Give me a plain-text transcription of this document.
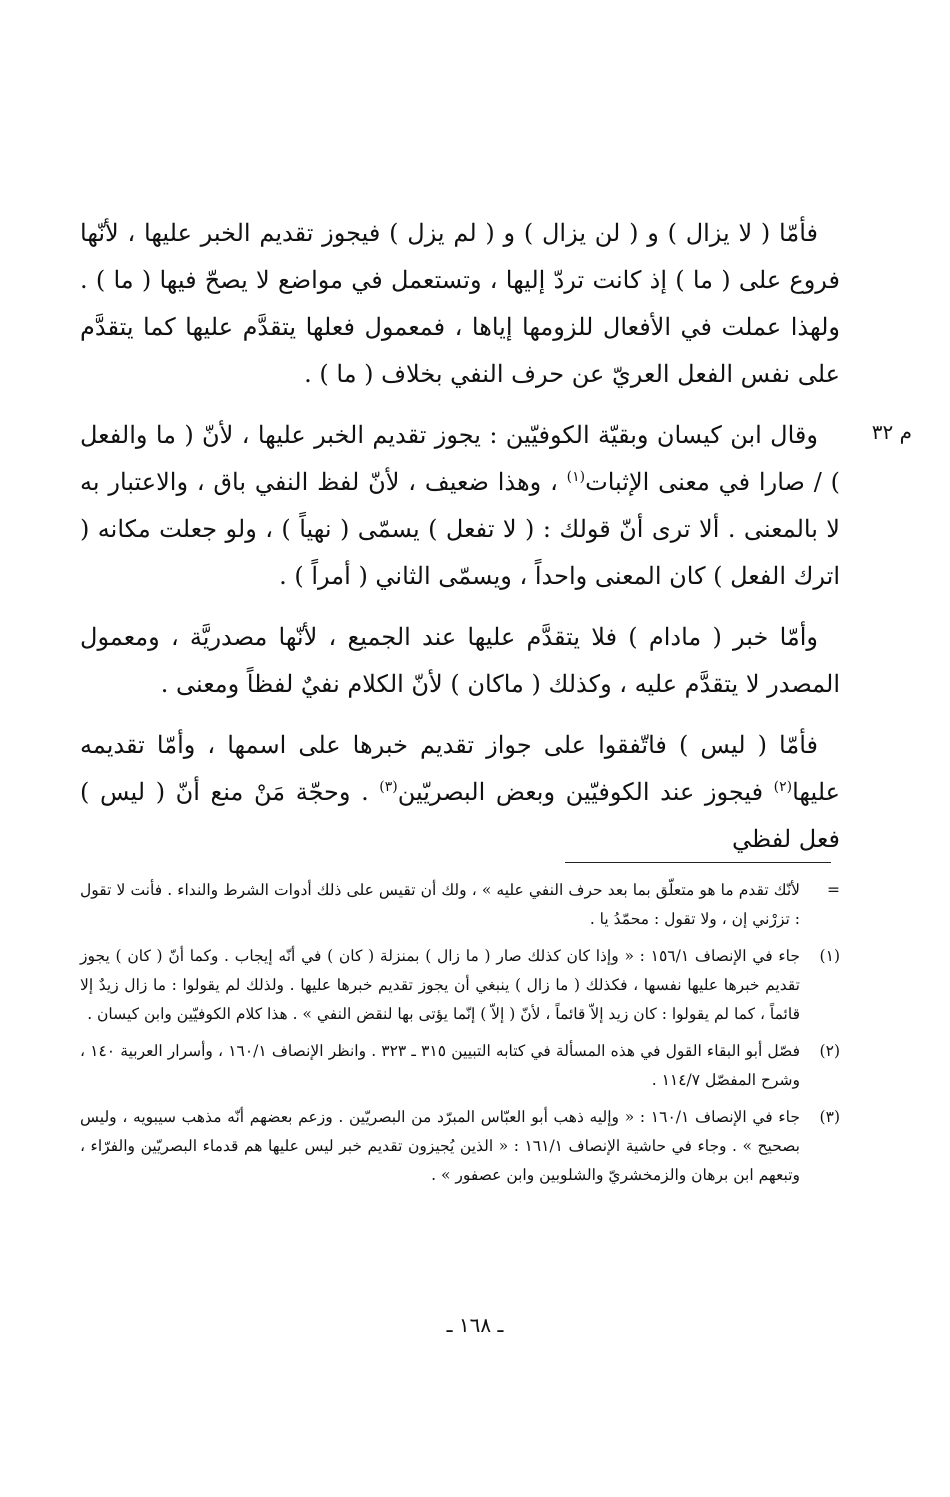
فأمّا ( لا يزال ) و ( لن يزال ) و ( لم يزل ) فيجوز تقديم الخبر عليها ، لأنّها فروع على ( ما ) إذ كانت تردّ إليها ، وتستعمل في مواضع لا يصحّ فيها ( ما ) . ولهذا عملت في الأفعال للزومها إياها ، فمعمول فعلها يتقدَّم عليها كما يتقدَّم على نفس الفعل العريّ عن حرف النفي بخلاف ( ما ) .

وقال ابن كيسان وبقيّة الكوفيّين : يجوز تقديم الخبر عليها ، لأنّ ( ما والفعل ) / صارا في معنى الإثبات$^{(١)}$ ، وهذا ضعيف ، لأنّ لفظ النفي باق ، والاعتبار به لا بالمعنى . ألا ترى أنّ قولك : ( لا تفعل ) يسمّى ( نهياً ) ، ولو جعلت مكانه ( اترك الفعل ) كان المعنى واحداً ، ويسمّى الثاني ( أمراً ) .

وأمّا خبر ( مادام ) فلا يتقدَّم عليها عند الجميع ، لأنّها مصدريَّة ، ومعمول المصدر لا يتقدَّم عليه ، وكذلك ( ماكان ) لأنّ الكلام نفيٌ لفظاً ومعنى .

فأمّا ( ليس ) فاتّفقوا على جواز تقديم خبرها على اسمها ، وأمّا تقديمه عليها$^{(٢)}$ فيجوز عند الكوفيّين وبعض البصريّين$^{(٣)}$ . وحجّة مَنْ منع أنّ ( ليس ) فعل لفظي

م ٣٢
=
لأنّك تقدم ما هو متعلّق بما بعد حرف النفي عليه » ، ولك أن تقيس على ذلك أدوات الشرط والنداء . فأنت لا تقول : تزرْني إن ، ولا تقول : محمّدُ يا .
(١)
جاء في الإنصاف ١٥٦/١ : « وإذا كان كذلك صار ( ما زال ) بمنزلة ( كان ) في أنّه إيجاب . وكما أنّ ( كان ) يجوز تقديم خبرها عليها نفسها ، فكذلك ( ما زال ) ينبغي أن يجوز تقديم خبرها عليها . ولذلك لم يقولوا : ما زال زيدٌ إلا قائماً ، كما لم يقولوا : كان زيد إلاّ قائماً ، لأنّ ( إلاّ ) إنّما يؤتى بها لنقض النفي » . هذا كلام الكوفيّين وابن كيسان .
(٢)
فصّل أبو البقاء القول في هذه المسألة في كتابه التبيين ٣١٥ ـ ٣٢٣ . وانظر الإنصاف ١٦٠/١ ، وأسرار العربية ١٤٠ ، وشرح المفصّل ١١٤/٧ .
(٣)
جاء في الإنصاف ١٦٠/١ : « وإليه ذهب أبو العبّاس المبرّد من البصريّين . وزعم بعضهم أنّه مذهب سيبويه ، وليس بصحيح » . وجاء في حاشية الإنصاف ١٦١/١ : « الذين يُجيزون تقديم خبر ليس عليها هم قدماء البصريّين والفرّاء ، وتبعهم ابن برهان والزمخشريّ والشلوبين وابن عصفور » .
ـ ١٦٨ ـ
